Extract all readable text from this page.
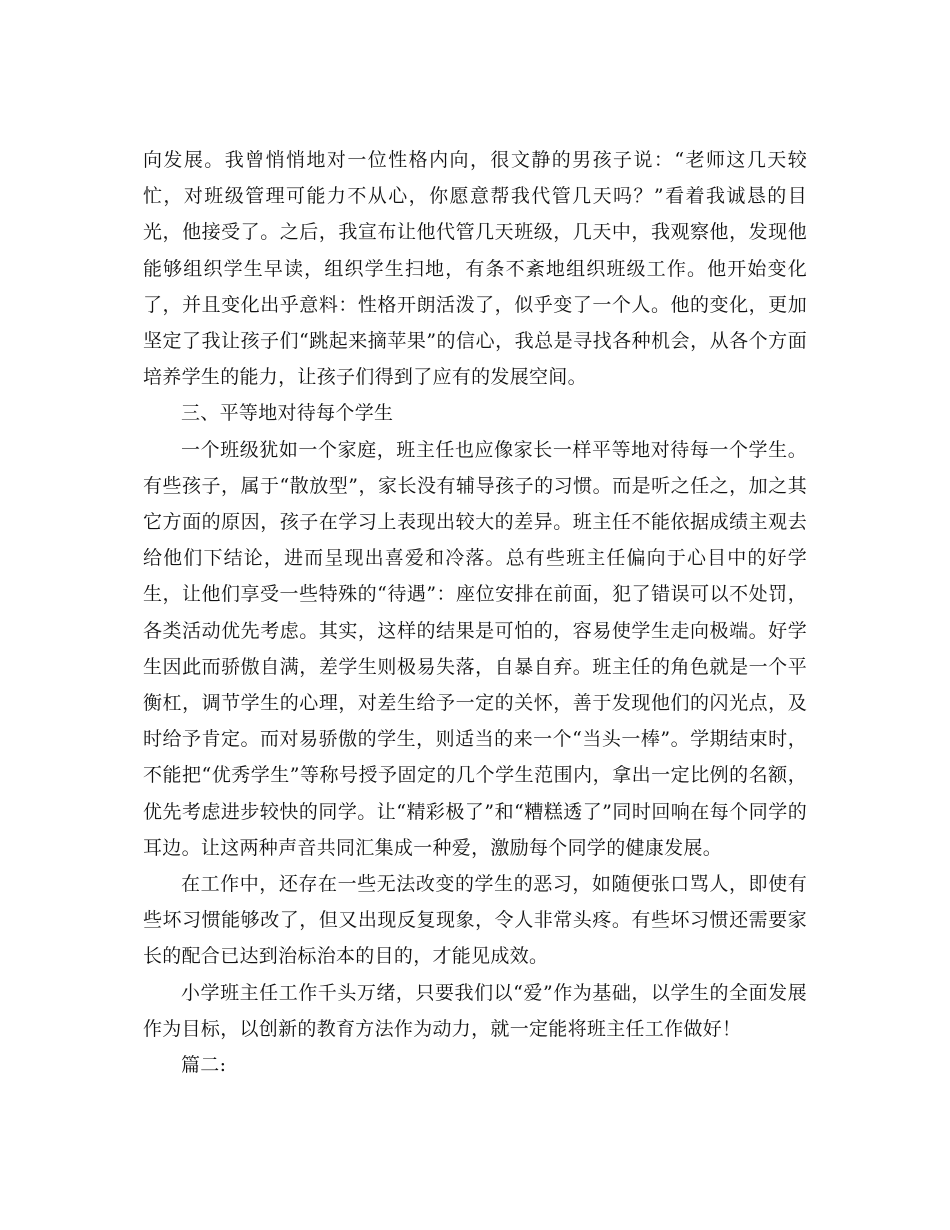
向发展。我曾悄悄地对一位性格内向，很文静的男孩子说：“老师这几天较忙，对班级管理可能力不从心，你愿意帮我代管几天吗？”看着我诚恳的目光，他接受了。之后，我宣布让他代管几天班级，几天中，我观察他，发现他能够组织学生早读，组织学生扫地，有条不紊地组织班级工作。他开始变化了，并且变化出乎意料：性格开朗活泼了，似乎变了一个人。他的变化，更加坚定了我让孩子们“跳起来摘苹果”的信心，我总是寻找各种机会，从各个方面培养学生的能力，让孩子们得到了应有的发展空间。

三、平等地对待每个学生

一个班级犹如一个家庭，班主任也应像家长一样平等地对待每一个学生。有些孩子，属于“散放型”，家长没有辅导孩子的习惯。而是听之任之，加之其它方面的原因，孩子在学习上表现出较大的差异。班主任不能依据成绩主观去给他们下结论，进而呈现出喜爱和冷落。总有些班主任偏向于心目中的好学生，让他们享受一些特殊的“待遇”：座位安排在前面，犯了错误可以不处罚，各类活动优先考虑。其实，这样的结果是可怕的，容易使学生走向极端。好学生因此而骄傲自满，差学生则极易失落，自暴自弃。班主任的角色就是一个平衡杠，调节学生的心理，对差生给予一定的关怀，善于发现他们的闪光点，及时给予肯定。而对易骄傲的学生，则适当的来一个“当头一棒”。学期结束时，不能把“优秀学生”等称号授予固定的几个学生范围内，拿出一定比例的名额，优先考虑进步较快的同学。让“精彩极了”和“糟糕透了”同时回响在每个同学的耳边。让这两种声音共同汇集成一种爱，激励每个同学的健康发展。

在工作中，还存在一些无法改变的学生的恶习，如随便张口骂人，即使有些坏习惯能够改了，但又出现反复现象，令人非常头疼。有些坏习惯还需要家长的配合已达到治标治本的目的，才能见成效。

小学班主任工作千头万绪，只要我们以“爱”作为基础，以学生的全面发展作为目标，以创新的教育方法作为动力，就一定能将班主任工作做好！

篇二:
